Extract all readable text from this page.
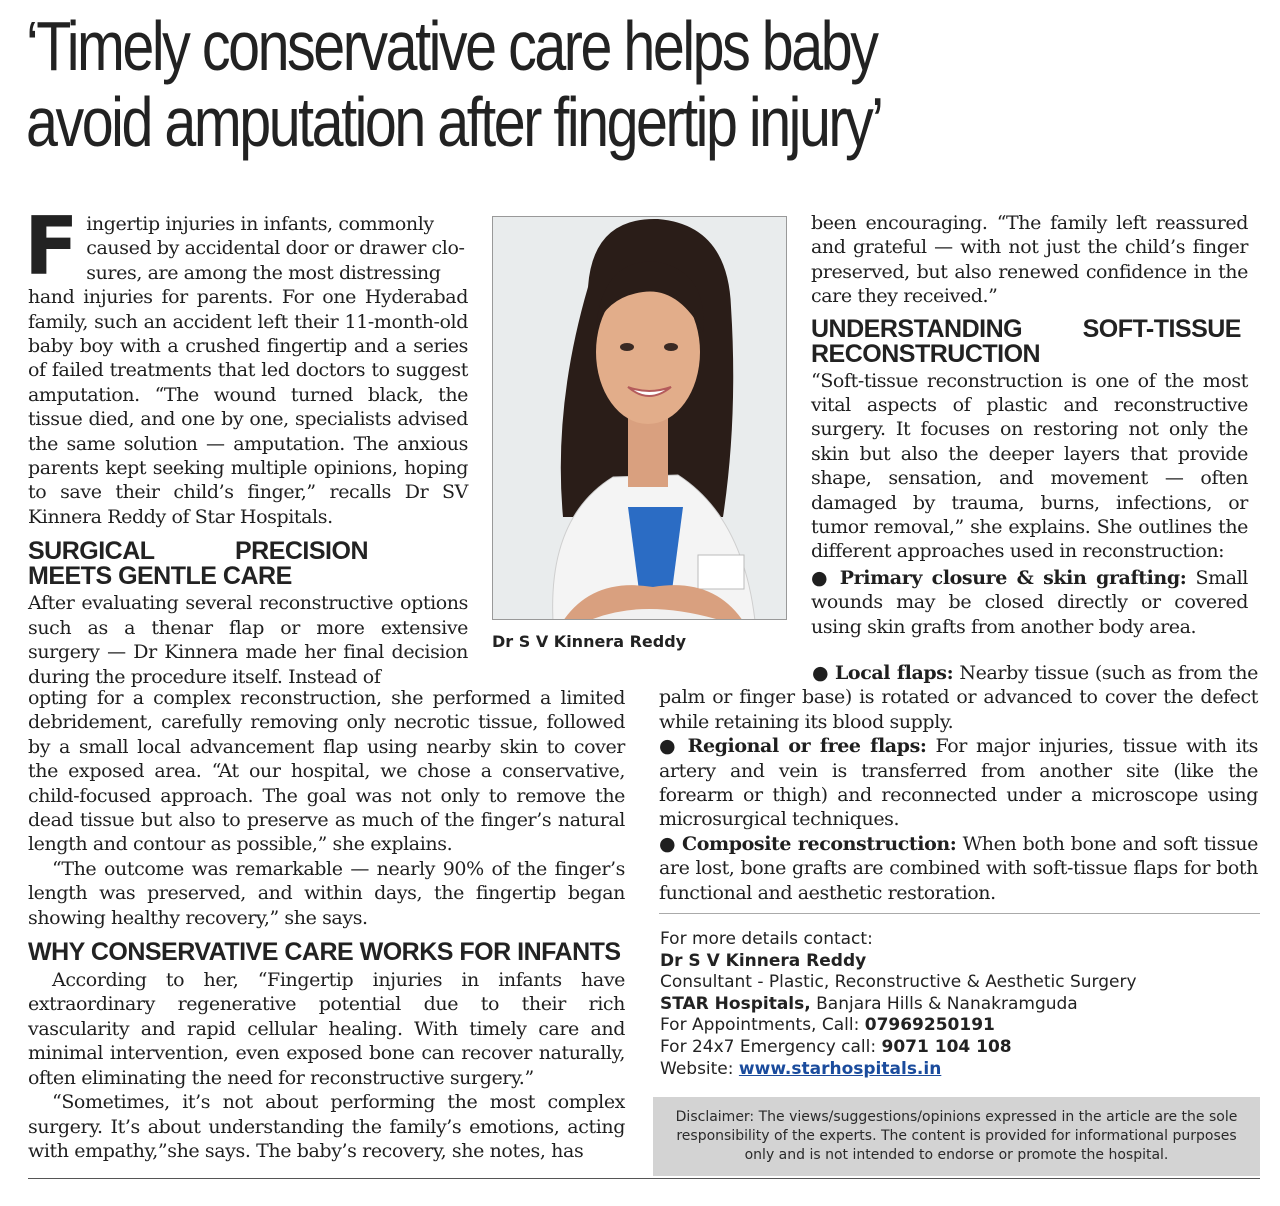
‘Timely conservative care helps baby
avoid amputation after fingertip injury’
F ingertip injuries in infants, commonly
caused by accidental door or drawer clo-
sures, are among the most distressing

hand injuries for parents. For one Hyderabad family, such an accident left their 11-month-old baby boy with a crushed fingertip and a series of failed treatments that led doctors to suggest amputation. “The wound turned black, the tissue died, and one by one, specialists advised the same solution — amputation. The anxious parents kept seeking multiple opinions, hoping to save their child’s finger,” recalls Dr SV Kinnera Reddy of Star Hospitals.

SURGICAL PRECISION MEETS GENTLE CARE

After evaluating several reconstructive options such as a thenar flap or more extensive surgery — Dr Kinnera made her final decision during the procedure itself. Instead of

opting for a complex reconstruction, she performed a limited debridement, carefully removing only necrotic tissue, followed by a small local advancement flap using nearby skin to cover the exposed area. “At our hospital, we chose a conservative, child-focused approach. The goal was not only to remove the dead tissue but also to preserve as much of the finger’s natural length and contour as possible,” she explains.

“The outcome was remarkable — nearly 90% of the finger’s length was preserved, and within days, the fingertip began showing healthy recovery,” she says.

WHY CONSERVATIVE CARE WORKS FOR INFANTS

According to her, “Fingertip injuries in infants have extraordinary regenerative potential due to their rich vascularity and rapid cellular healing. With timely care and minimal intervention, even exposed bone can recover naturally, often eliminating the need for reconstructive surgery.”

“Sometimes, it’s not about performing the most complex surgery. It’s about understanding the family’s emotions, acting with empathy,”she says. The baby’s recovery, she notes, has

Dr S V Kinnera Reddy

been encouraging. “The family left reassured and grateful — with not just the child’s finger preserved, but also renewed confidence in the care they received.”

UNDERSTANDING SOFT-TISSUE RECONSTRUCTION

“Soft-tissue reconstruction is one of the most vital aspects of plastic and reconstructive surgery. It focuses on restoring not only the skin but also the deeper layers that provide shape, sensation, and movement — often damaged by trauma, burns, infections, or tumor removal,” she explains. She outlines the different approaches used in reconstruction:

● Primary closure & skin grafting: Small wounds may be closed directly or covered using skin grafts from another body area.

● Local flaps: Nearby tissue (such as from the palm or finger base) is rotated or advanced to cover the defect while retaining its blood supply.

● Regional or free flaps: For major injuries, tissue with its artery and vein is transferred from another site (like the forearm or thigh) and reconnected under a microscope using microsurgical techniques.

● Composite reconstruction: When both bone and soft tissue are lost, bone grafts are combined with soft-tissue flaps for both functional and aesthetic restoration.

For more details contact:
Dr S V Kinnera Reddy
Consultant - Plastic, Reconstructive & Aesthetic Surgery
STAR Hospitals, Banjara Hills & Nanakramguda
For Appointments, Call: 07969250191
For 24x7 Emergency call: 9071 104 108
Website: www.starhospitals.in
Disclaimer: The views/suggestions/opinions expressed in the article are the sole responsibility of the experts. The content is provided for informational purposes only and is not intended to endorse or promote the hospital.
